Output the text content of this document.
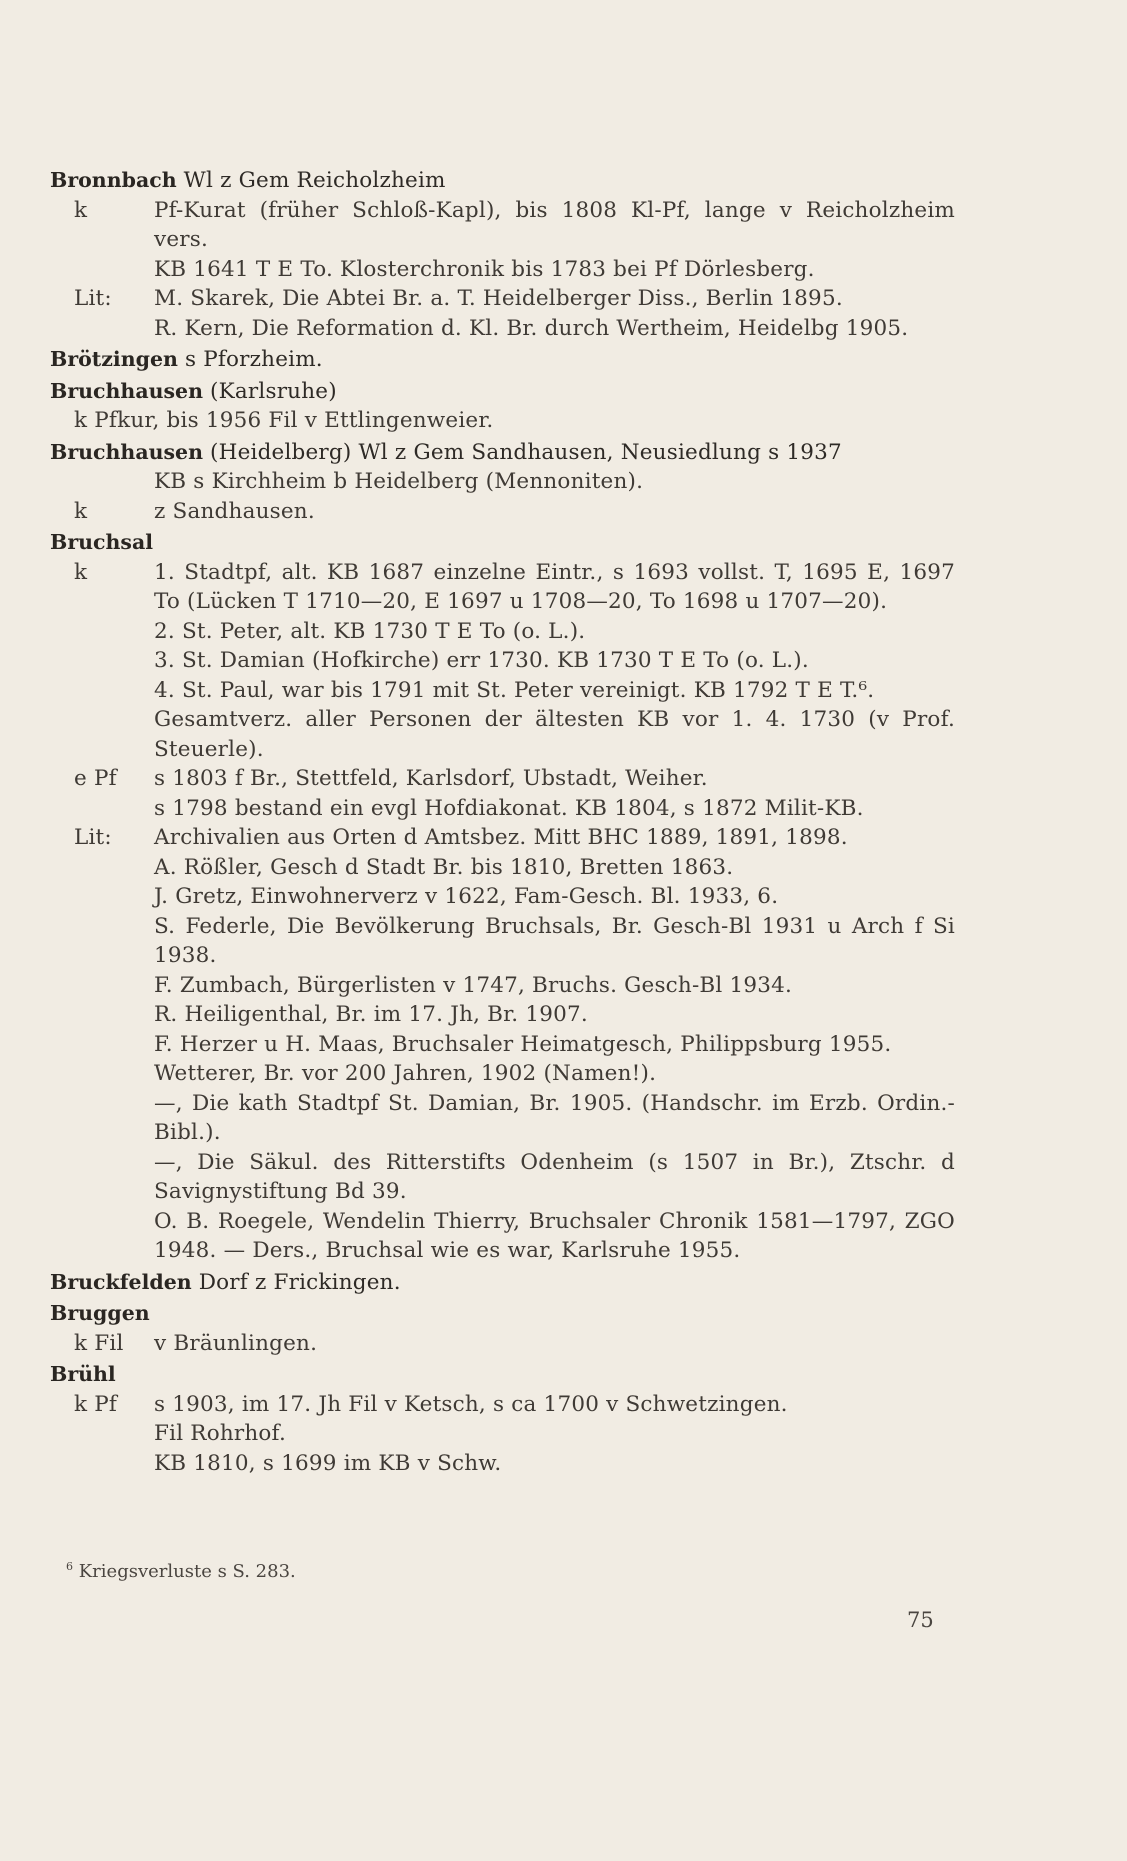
Bronnbach Wl z Gem Reicholzheim
k	Pf-Kurat (früher Schloß-Kapl), bis 1808 Kl-Pf, lange v Reicholzheim vers.

KB 1641 T E To. Klosterchronik bis 1783 bei Pf Dörlesberg.

Lit:	M. Skarek, Die Abtei Br. a. T. Heidelberger Diss., Berlin 1895.

R. Kern, Die Reformation d. Kl. Br. durch Wertheim, Heidelbg 1905.

Brötzingen s Pforzheim.
Bruchhausen (Karlsruhe)

k Pfkur, bis 1956 Fil v Ettlingenweier.

Bruchhausen (Heidelberg) Wl z Gem Sandhausen, Neusiedlung s 1937

KB s Kirchheim b Heidelberg (Mennoniten).

k	z Sandhausen.

Bruchsal
k	1. Stadtpf, alt. KB 1687 einzelne Eintr., s 1693 vollst. T, 1695 E, 1697 To (Lücken T 1710—20, E 1697 u 1708—20, To 1698 u 1707—20).

2. St. Peter, alt. KB 1730 T E To (o. L.).

3. St. Damian (Hofkirche) err 1730. KB 1730 T E To (o. L.).

4. St. Paul, war bis 1791 mit St. Peter vereinigt. KB 1792 T E T.⁶.

Gesamtverz. aller Personen der ältesten KB vor 1. 4. 1730 (v Prof. Steuerle).

e Pf	s 1803 f Br., Stettfeld, Karlsdorf, Ubstadt, Weiher.

s 1798 bestand ein evgl Hofdiakonat. KB 1804, s 1872 Milit-KB.

Lit:	Archivalien aus Orten d Amtsbez. Mitt BHC 1889, 1891, 1898.

A. Rößler, Gesch d Stadt Br. bis 1810, Bretten 1863.

J. Gretz, Einwohnerverz v 1622, Fam-Gesch. Bl. 1933, 6.

S. Federle, Die Bevölkerung Bruchsals, Br. Gesch-Bl 1931 u Arch f Si 1938.

F. Zumbach, Bürgerlisten v 1747, Bruchs. Gesch-Bl 1934.

R. Heiligenthal, Br. im 17. Jh, Br. 1907.

F. Herzer u H. Maas, Bruchsaler Heimatgesch, Philippsburg 1955.

Wetterer, Br. vor 200 Jahren, 1902 (Namen!).

—, Die kath Stadtpf St. Damian, Br. 1905. (Handschr. im Erzb. Ordin.-Bibl.).

—, Die Säkul. des Ritterstifts Odenheim (s 1507 in Br.), Ztschr. d Savignystiftung Bd 39.

O. B. Roegele, Wendelin Thierry, Bruchsaler Chronik 1581—1797, ZGO 1948. — Ders., Bruchsal wie es war, Karlsruhe 1955.

Bruckfelden Dorf z Frickingen.
Bruggen
k Fil	v Bräunlingen.

Brühl
k Pf	s 1903, im 17. Jh Fil v Ketsch, s ca 1700 v Schwetzingen.

Fil Rohrhof.

KB 1810, s 1699 im KB v Schw.

$^6$ Kriegsverluste s S. 283.
75
